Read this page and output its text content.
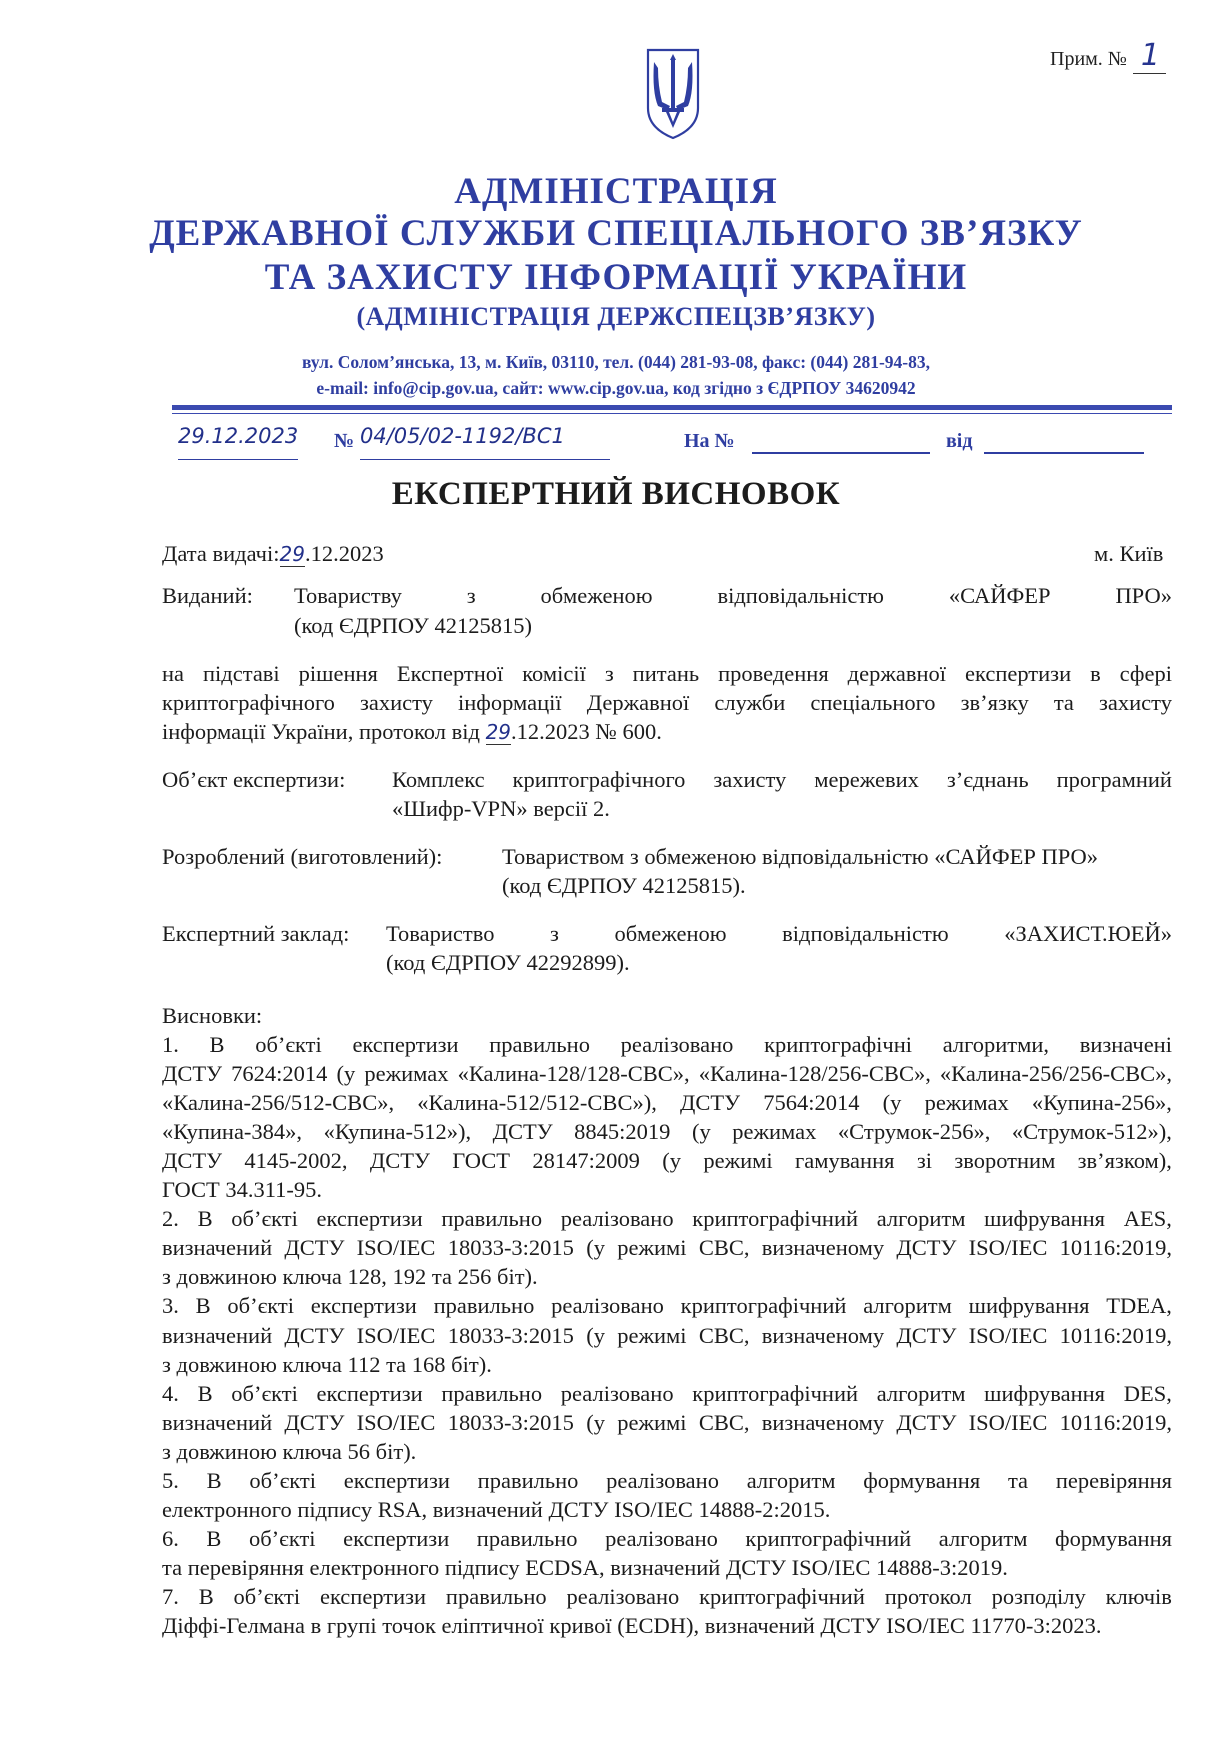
Прим. № 1
АДМІНІСТРАЦІЯ
ДЕРЖАВНОЇ СЛУЖБИ СПЕЦІАЛЬНОГО ЗВ’ЯЗКУ
ТА ЗАХИСТУ ІНФОРМАЦІЇ УКРАЇНИ
(АДМІНІСТРАЦІЯ ДЕРЖСПЕЦЗВ’ЯЗКУ)
вул. Солом’янська, 13, м. Київ, 03110, тел. (044) 281-93-08, факс: (044) 281-94-83,
e-mail: info@cip.gov.ua, сайт: www.cip.gov.ua, код згідно з ЄДРПОУ 34620942
29.12.2023 № 04/05/02-1192/ВС1	На №	від
ЕКСПЕРТНИЙ ВИСНОВОК
Дата видачі:29.12.2023	м. Київ
Виданий: Товариству	з	обмеженою	відповідальністю	«САЙФЕР	ПРО»
(код ЄДРПОУ 42125815)
на підставі рішення Експертної комісії з питань проведення державної експертизи в сфері
криптографічного захисту інформації Державної служби спеціального зв’язку та захисту
інформації України, протокол від 29.12.2023 № 600.
Об’єкт експертизи: Комплекс криптографічного захисту мережевих з’єднань програмний
«Шифр-VPN» версії 2.
Розроблений (виготовлений):	Товариством з обмеженою відповідальністю «САЙФЕР ПРО»
(код ЄДРПОУ 42125815).
Експертний заклад: Товариство з обмеженою відповідальністю «ЗАХИСТ.ЮЕЙ»
(код ЄДРПОУ 42292899).
Висновки:
1. В об’єкті експертизи правильно реалізовано криптографічні алгоритми, визначені
ДСТУ 7624:2014 (у режимах «Калина-128/128-CBC», «Калина-128/256-CBC», «Калина-256/256-CBC»,
«Калина-256/512-CBC», «Калина-512/512-CBC»), ДСТУ 7564:2014 (у режимах «Купина-256»,
«Купина-384», «Купина-512»), ДСТУ 8845:2019 (у режимах «Струмок-256», «Струмок-512»),
ДСТУ 4145-2002, ДСТУ ГОСТ 28147:2009 (у режимі гамування зі зворотним зв’язком),
ГОСТ 34.311-95.
2. В об’єкті експертизи правильно реалізовано криптографічний алгоритм шифрування AES,
визначений ДСТУ ISO/IEC 18033-3:2015 (у режимі CBC, визначеному ДСТУ ISO/IEC 10116:2019,
з довжиною ключа 128, 192 та 256 біт).
3. В об’єкті експертизи правильно реалізовано криптографічний алгоритм шифрування TDEA,
визначений ДСТУ ISO/IEC 18033-3:2015 (у режимі CBC, визначеному ДСТУ ISO/IEC 10116:2019,
з довжиною ключа 112 та 168 біт).
4. В об’єкті експертизи правильно реалізовано криптографічний алгоритм шифрування DES,
визначений ДСТУ ISO/IEC 18033-3:2015 (у режимі CBC, визначеному ДСТУ ISO/IEC 10116:2019,
з довжиною ключа 56 біт).
5. В об’єкті експертизи правильно реалізовано алгоритм формування та перевіряння
електронного підпису RSA, визначений ДСТУ ISO/IEC 14888-2:2015.
6. В об’єкті експертизи правильно реалізовано криптографічний алгоритм формування
та перевіряння електронного підпису ECDSA, визначений ДСТУ ISO/IEC 14888-3:2019.
7. В об’єкті експертизи правильно реалізовано криптографічний протокол розподілу ключів
Діффі-Гелмана в групі точок еліптичної кривої (ECDH), визначений ДСТУ ISO/IEC 11770-3:2023.
